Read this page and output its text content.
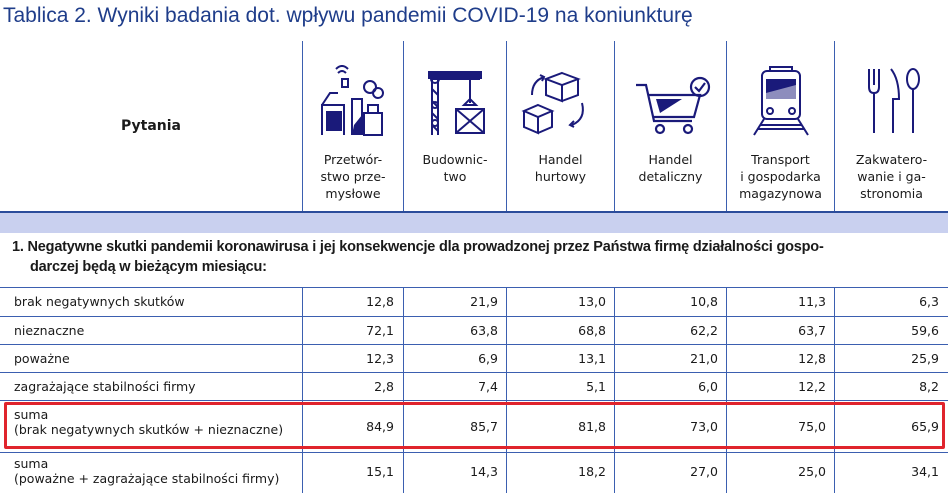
Tablica 2. Wyniki badania dot. wpływu pandemii COVID-19 na koniunkturę
Pytania
Przetwór-
stwo prze-
mysłowe
Budownic-
two
Handel
hurtowy
Handel
detaliczny
Transport
i gospodarka
magazynowa
Zakwatero-
wanie i ga-
stronomia
1. Negatywne skutki pandemii koronawirusa i jej konsekwencje dla prowadzonej przez Państwa firmę działalności gospo-
darczej będą w bieżącym miesiącu:
brak negatywnych skutków	12,8	21,9	13,0	10,8	11,3	6,3
nieznaczne	72,1	63,8	68,8	62,2	63,7	59,6
poważne	12,3	6,9	13,1	21,0	12,8	25,9
zagrażające stabilności firmy	2,8	7,4	5,1	6,0	12,2	8,2
suma
(brak negatywnych skutków + nieznaczne)	84,9	85,7	81,8	73,0	75,0	65,9
suma
(poważne + zagrażające stabilności firmy)	15,1	14,3	18,2	27,0	25,0	34,1
